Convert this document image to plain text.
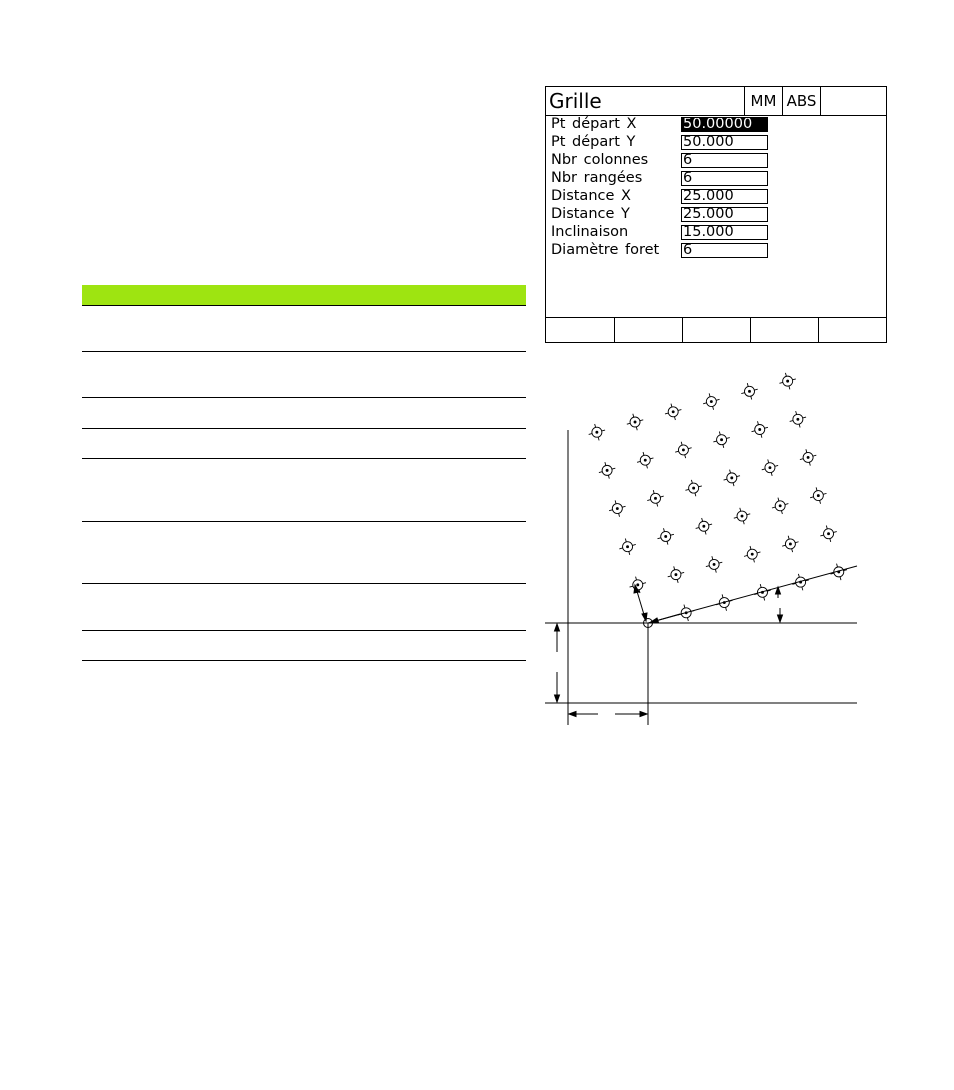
Grille	MM ABS
Pt départ X	50.00000
Pt départ Y	50.000
Nbr colonnes 6
Nbr rangées	6
Distance X	25.000
Distance Y	25.000
Inclinaison	15.000
Diamètre foret 6
